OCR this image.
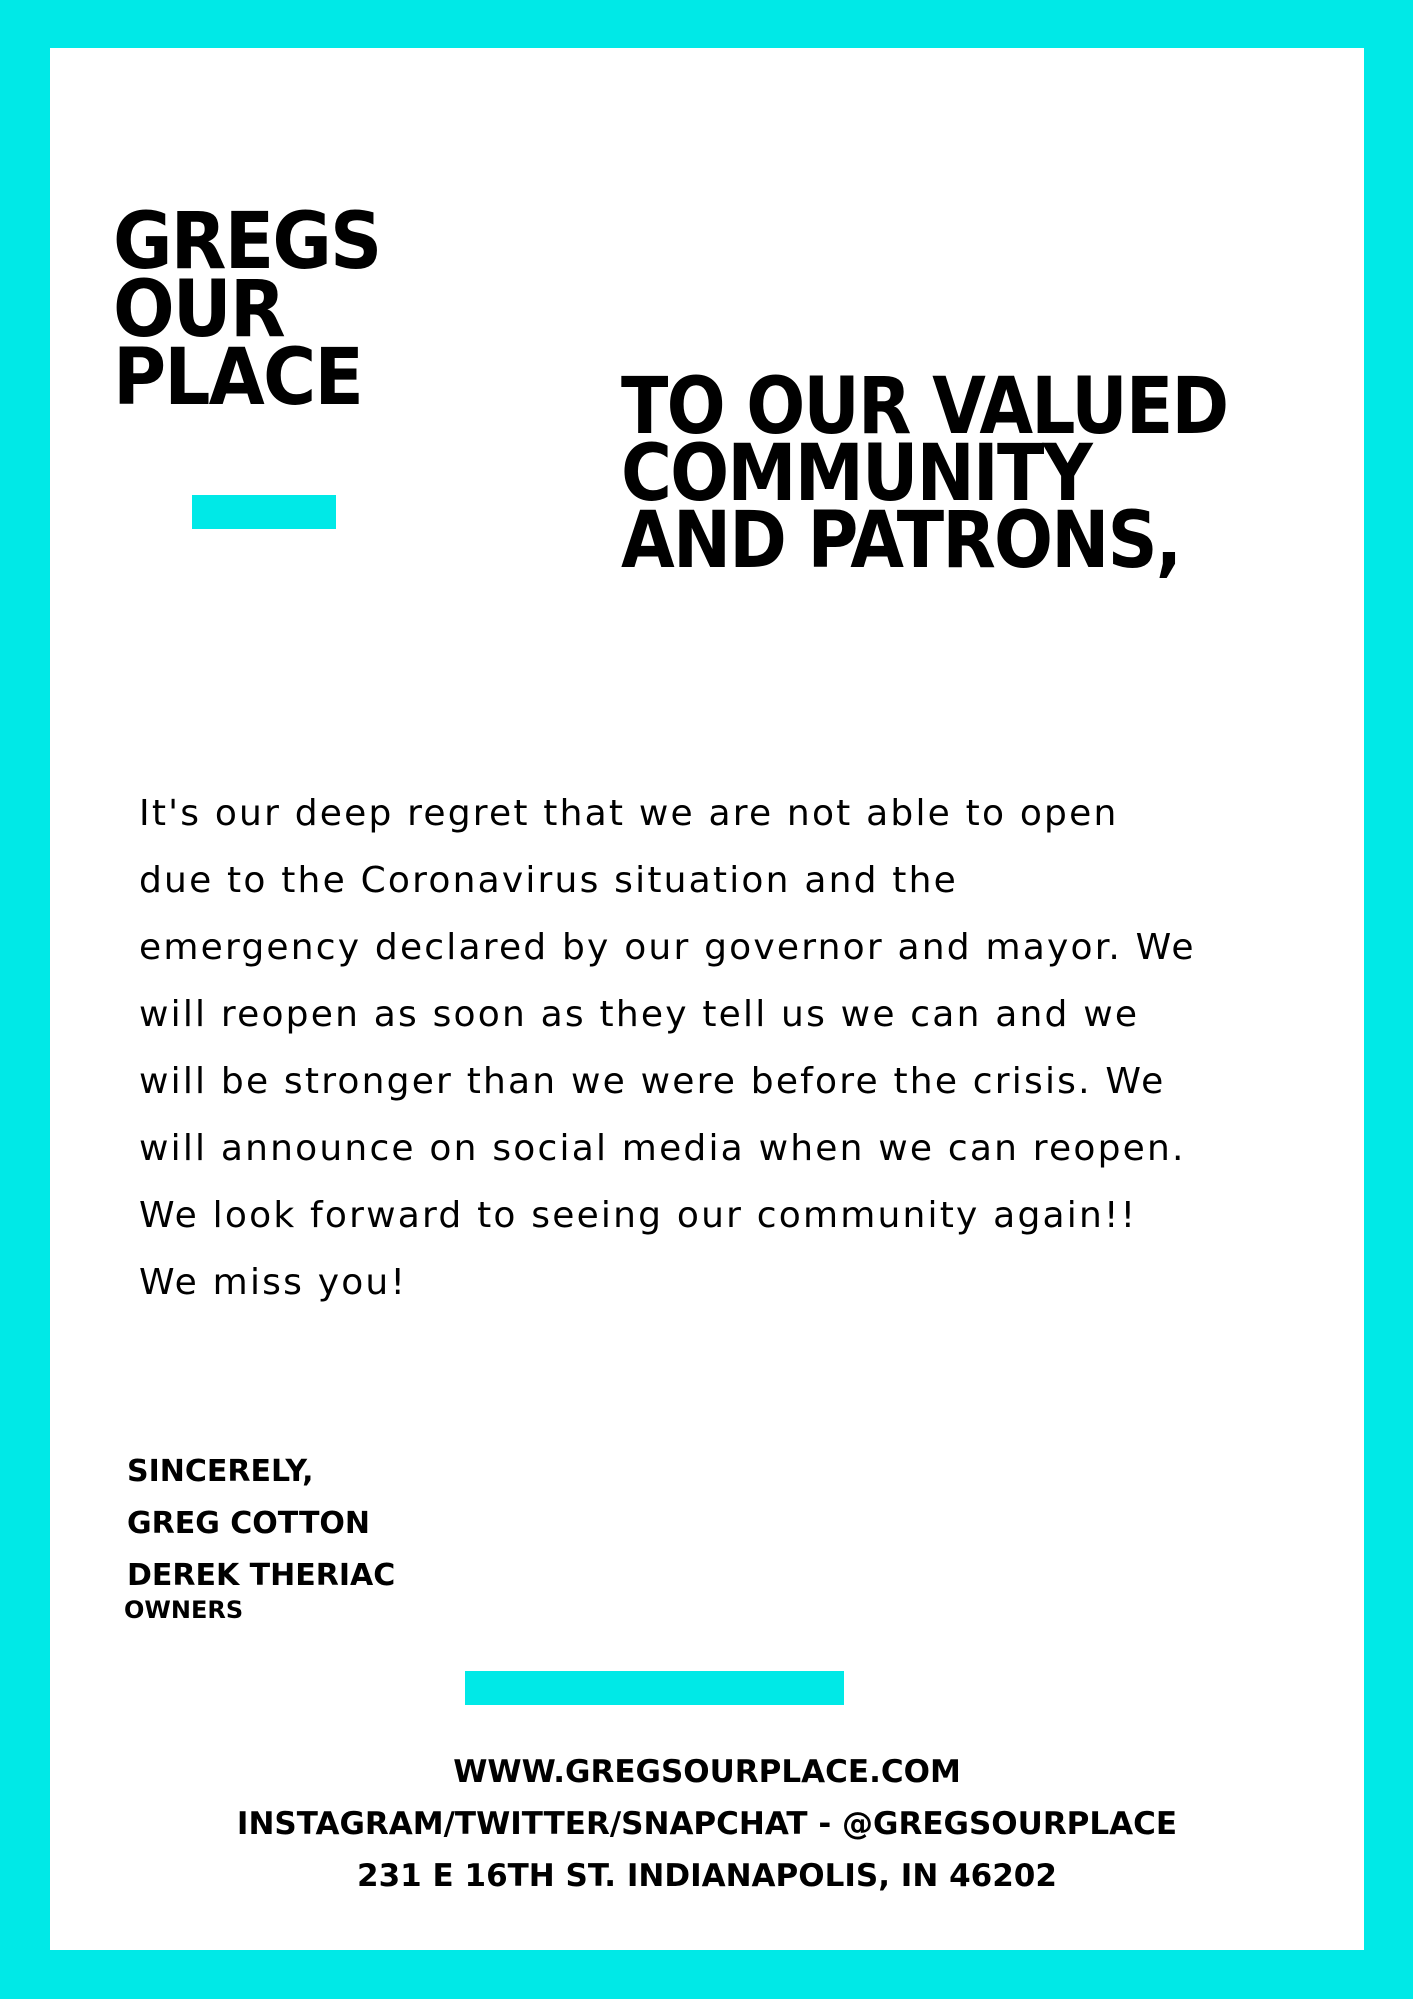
GREGS
OUR
PLACE	TO OUR VALUED
COMMUNITY
AND PATRONS,

It's our deep regret that we are not able to open
due to the Coronavirus situation and the
emergency declared by our governor and mayor. We
will reopen as soon as they tell us we can and we
will be stronger than we were before the crisis. We
will announce on social media when we can reopen.
We look forward to seeing our community again!!
We miss you!

SINCERELY,
GREG COTTON
DEREK THERIAC
OWNERS
WWW.GREGSOURPLACE.COM
INSTAGRAM/TWITTER/SNAPCHAT - @GREGSOURPLACE
231 E 16TH ST. INDIANAPOLIS, IN 46202
